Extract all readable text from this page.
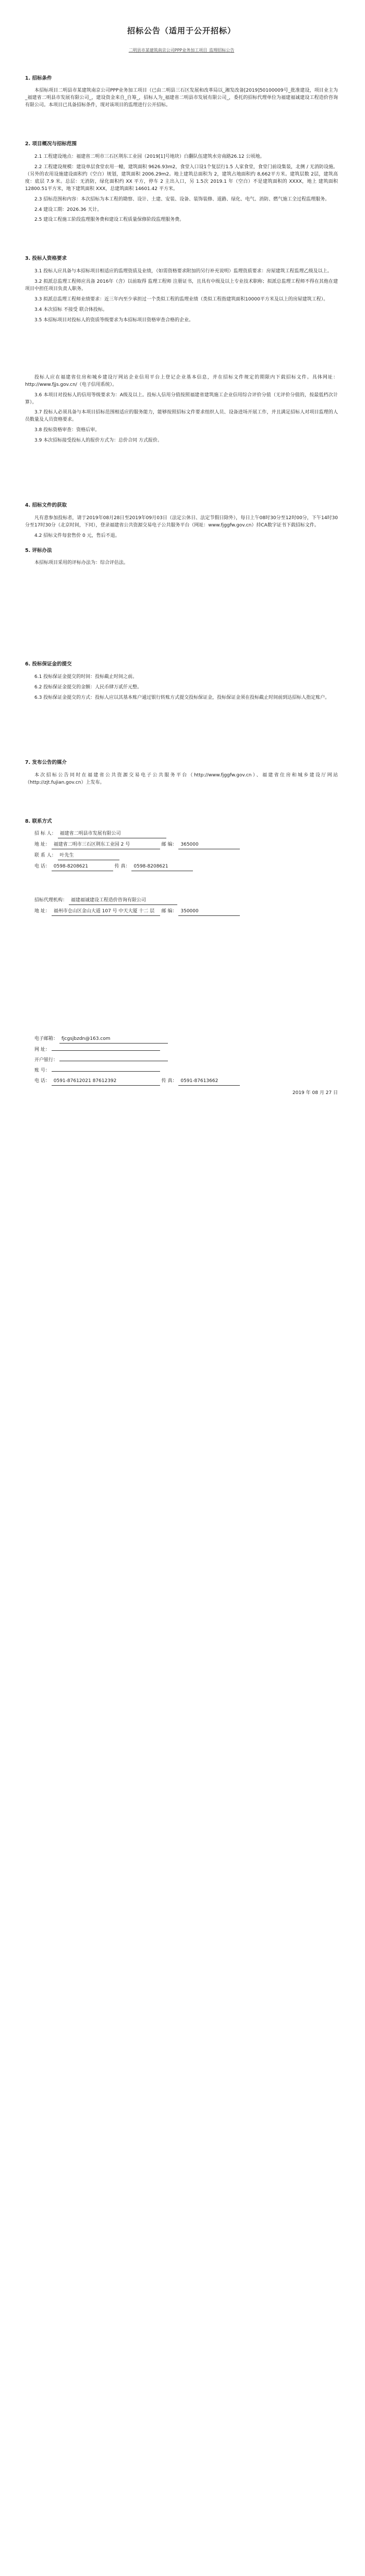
招标公告（适用于公开招标）
二明县市某建筑南京公司PPP业务加工项目_监理招标公告
1. 招标条件

本招标项目二明县市某建筑南京公司PPP业务加工项目（已由二明县三石区发展和改革局以_湘发改备[2019]50100009号_批准建设，项目业主为_福建省二明县市发展有限公司_，建设资金来自_自筹_，招标人为_福建省二明县市发展有限公司_，委托的招标代理单位为福建福诚建设工程造价咨询有限公司。本项目已具备招标条件，现对该项目的监理进行公开招标。

2. 项目概况与招标范围

2.1 工程建设地点：福建省二明市三石区荆东工业园（2019[1]号地块）白翻队伍建筑水旁南路26.12 公顷地。

2.2 工程建设规模：建设单层食堂农用一幢，建筑面积 9626.93m2，食堂入口设1个复层行1.5 人家食堂，食堂门前设集装，北侧 / 无消防设施。（另外的农用设施建设面积约（空白）规划，建筑面积 2006.29m2。地上建筑总面积为 2，建筑占地面积约 8,662平方米。建筑层数 2层，建筑高度：底层 7.9 米。总层：无消防，绿化面积约 XX 平方，停车 2 主出入口，另 1.5次 2019.1 年（空白）不是建筑面积的 XXXX，地上 建筑面积 12800.51平方米，地下建筑面积 XXX，总建筑面积 14601.42 平方米。

2.3 招标范围和内容：本次招标为本工程的勘察、设计、土建、安装、设备、装饰装修、道路、绿化、电气、消防、燃气施工全过程监理服务。

2.4 建设工期：2026.36 天计。

2.5 建设工程施工阶段监理服务费和建设工程质量保修阶段监理服务费。

3. 投标人资格要求

3.1 投标人应具备与本招标项目相适应的监理资质及业绩，（如需资格要求附加的另行补充说明）监理资质要求：房屋建筑工程监理乙级及以上。

3.2 拟派总监理工程师应具备 2016年（含）以前取得 监理工程师 注册证书，且具有中级及以上专业技术职称；拟派总监理工程师不得在其他在建项目中担任项目负责人职务。

3.3 拟派总监理工程师业绩要求：近三年内至少承担过一个类似工程的监理业绩（类似工程指建筑面积10000平方米及以上的房屋建筑工程）。

3.4 本次招标 不接受 联合体投标。

3.5 本招标项目对投标人的资质等级要求为本招标项目资格审查合格的企业。

投标人应在福建省住房和城乡建设厅网站企业信用平台上登记企业基本信息，并在招标文件规定的期限内下载招标文件。具体网址：http://www.fjjs.gov.cn/（电子信用系统）。

3.6 本项目对投标人的信用等级要求为：A级及以上。投标人信用分值按照福建省建筑施工企业信用综合评价分值（无评价分值的，按最低档次计算）。

3.7 投标人必须具备与本项目招标范围相适应的服务能力，能够按照招标文件要求组织人员、设备进场开展工作，并且满足招标人对项目监理的人员数量及人员资格要求。

3.8 投标资格审查：资格后审。

3.9 本次招标接受投标人的报价方式为：总价合同 方式报价。

4. 招标文件的获取

凡有意参加投标者，请于2019年08月28日至2019年09月03日（法定公休日、法定节假日除外），每日上午08时30分至12时00分，下午14时30分至17时30分（北京时间，下同），登录福建省公共资源交易电子公共服务平台（网址：www.fjggfw.gov.cn）持CA数字证书下载招标文件。

4.2 招标文件每套售价 0 元，售后不退。

5. 评标办法

本招标项目采用的评标办法为：综合评估法。

6. 投标保证金的提交

6.1 投标保证金提交的时间：投标截止时间之前。

6.2 投标保证金提交的金额：人民币肆万贰仟元整。

6.3 投标保证金提交的方式：投标人应以其基本账户通过银行转账方式提交投标保证金，投标保证金须在投标截止时间前到达招标人指定账户。

7. 发布公告的媒介

本次招标公告同时在福建省公共资源交易电子公共服务平台（http://www.fjggfw.gov.cn）、福建省住房和城乡建设厅网站（http://zjt.fujian.gov.cn）上发布。

8. 联系方式
招 标 人： 福建省二明县市发展有限公司
地 址： 福建省二明市三石区荆东工业园 2 号	邮 编： 365000
联 系 人： 叶先生
电 话： 0598-8208621	传 真： 0598-8208621
招标代理机构： 福建福诚建设工程造价咨询有限公司
地 址： 福州市仓山区金山大道 107 号 中天大厦 十二 层 邮 编： 350000
电子邮箱： fjcgsjbzdn@163.com
网 址：
开户银行：
账 号：
电 话： 0591-87612021 87612392	传 真： 0591-87613662

2019 年 08 月 27 日
